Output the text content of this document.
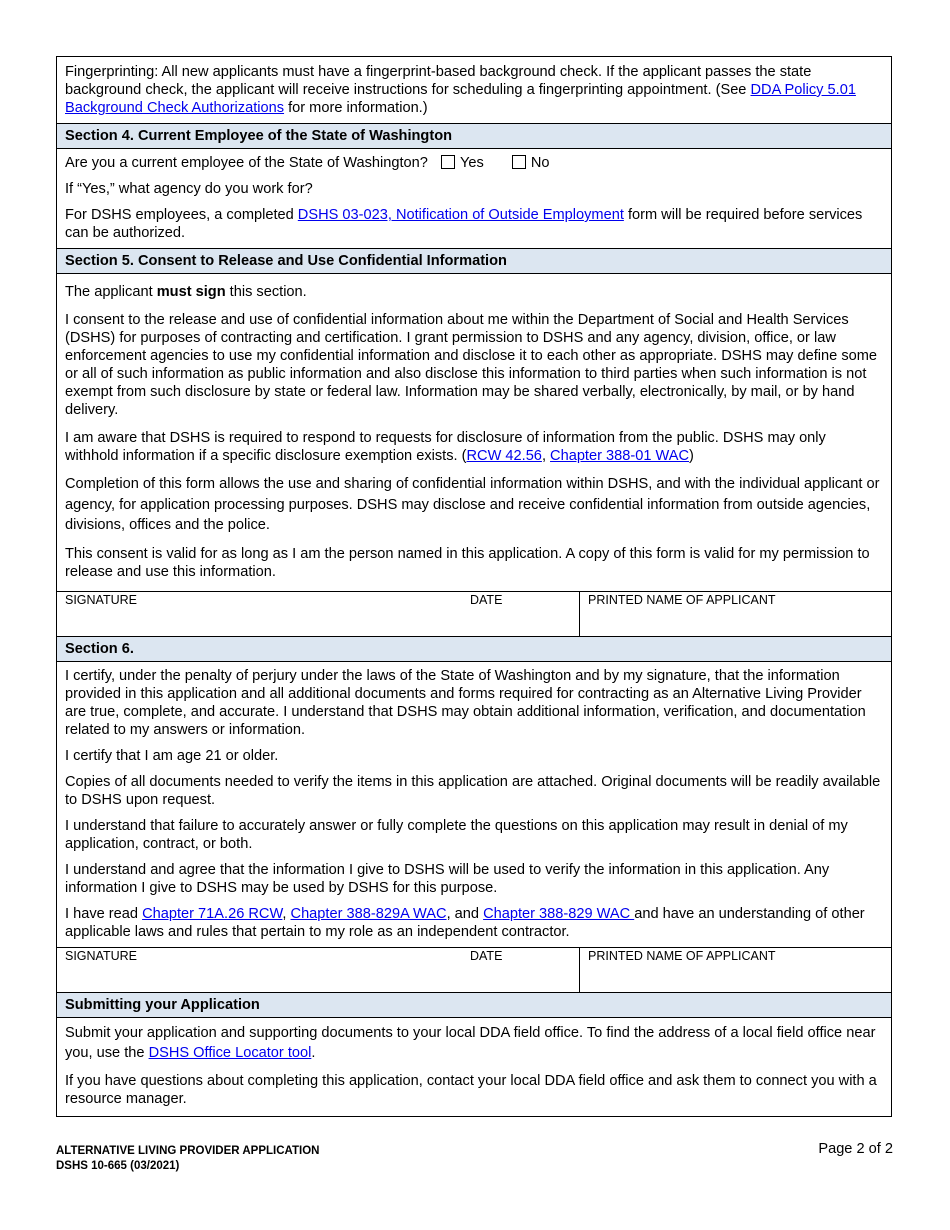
Fingerprinting: All new applicants must have a fingerprint-based background check. If the applicant passes the state background check, the applicant will receive instructions for scheduling a fingerprinting appointment. (See DDA Policy 5.01 Background Check Authorizations for more information.)
Section 4. Current Employee of the State of Washington

Are you a current employee of the State of Washington? Yes	No

If “Yes,” what agency do you work for?

For DSHS employees, a completed DSHS 03-023, Notification of Outside Employment form will be required before services can be authorized.

Section 5. Consent to Release and Use Confidential Information

The applicant must sign this section.

I consent to the release and use of confidential information about me within the Department of Social and Health Services (DSHS) for purposes of contracting and certification. I grant permission to DSHS and any agency, division, office, or law enforcement agencies to use my confidential information and disclose it to each other as appropriate. DSHS may define some or all of such information as public information and also disclose this information to third parties when such information is not exempt from such disclosure by state or federal law. Information may be shared verbally, electronically, by mail, or by hand delivery.

I am aware that DSHS is required to respond to requests for disclosure of information from the public. DSHS may only withhold information if a specific disclosure exemption exists. (RCW 42.56, Chapter 388-01 WAC)

Completion of this form allows the use and sharing of confidential information within DSHS, and with the individual applicant or agency, for application processing purposes. DSHS may disclose and receive confidential information from outside agencies, divisions, offices and the police.

This consent is valid for as long as I am the person named in this application. A copy of this form is valid for my permission to release and use this information.

SIGNATURE	DATE	PRINTED NAME OF APPLICANT
Section 6.

I certify, under the penalty of perjury under the laws of the State of Washington and by my signature, that the information provided in this application and all additional documents and forms required for contracting as an Alternative Living Provider are true, complete, and accurate. I understand that DSHS may obtain additional information, verification, and documentation related to my answers or information.

I certify that I am age 21 or older.

Copies of all documents needed to verify the items in this application are attached. Original documents will be readily available to DSHS upon request.

I understand that failure to accurately answer or fully complete the questions on this application may result in denial of my application, contract, or both.

I understand and agree that the information I give to DSHS will be used to verify the information in this application. Any information I give to DSHS may be used by DSHS for this purpose.

I have read Chapter 71A.26 RCW, Chapter 388-829A WAC, and Chapter 388-829 WAC and have an understanding of other applicable laws and rules that pertain to my role as an independent contractor.

SIGNATURE	DATE	PRINTED NAME OF APPLICANT
Submitting your Application

Submit your application and supporting documents to your local DDA field office. To find the address of a local field office near you, use the DSHS Office Locator tool.

If you have questions about completing this application, contact your local DDA field office and ask them to connect you with a resource manager.

ALTERNATIVE LIVING PROVIDER APPLICATION
DSHS 10-665 (03/2021)
Page 2 of 2
